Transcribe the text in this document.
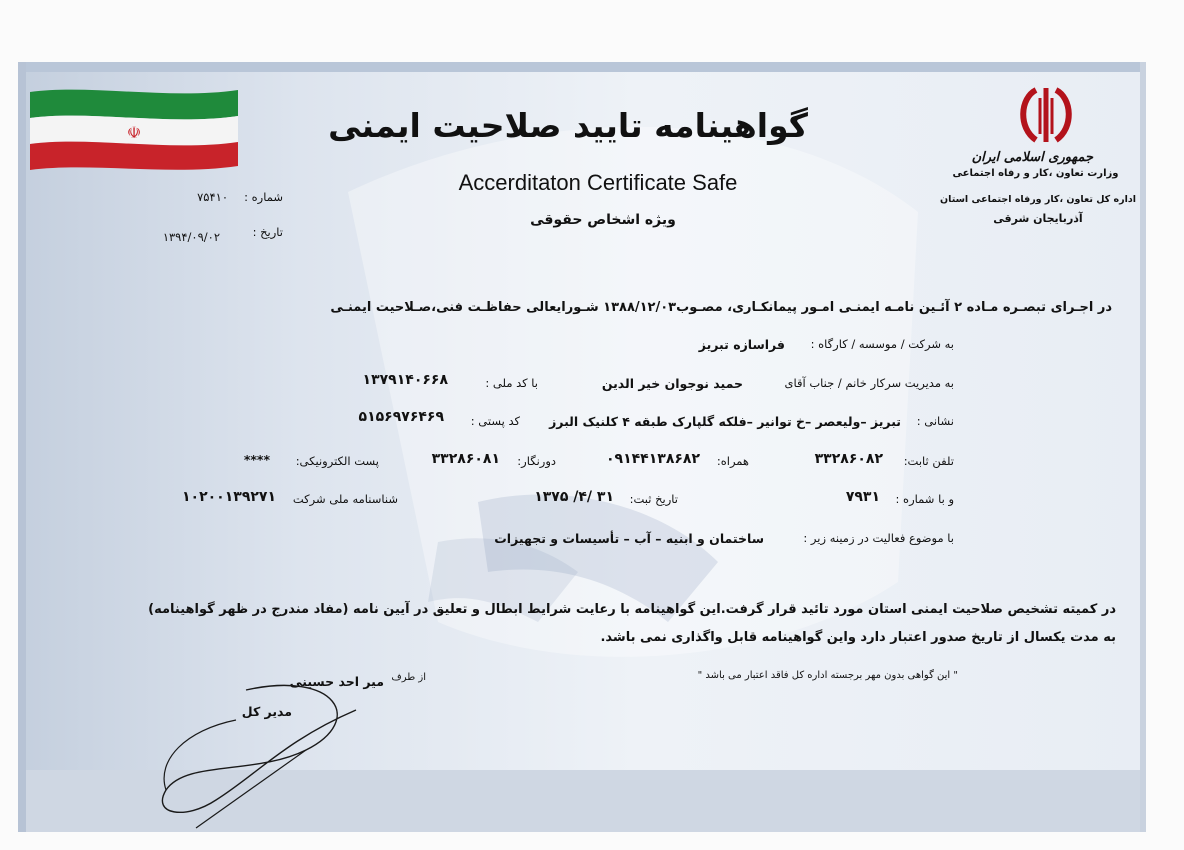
☫
جمهوری اسلامی ایران
وزارت تعاون ،کار و رفاه اجتماعی
اداره کل تعاون ،کار ورفاه اجتماعی استان
آذربایجان شرقی
گواهینامه تایید صلاحیت ایمنی
Accerditaton Certificate Safe
ویژه اشخاص حقوقی
شماره :
۷۵۴۱۰
تاریخ :
۱۳۹۴/۰۹/۰۲
در اجـرای تبصـره مـاده ۲ آئـین نامـه ایمنـی امـور پیمانکـاری، مصـوب۱۳۸۸/۱۲/۰۳ شـورایعالی حفاظـت فنی،صـلاحیت ایمنـی
به شرکت / موسسه / کارگاه :
فراسازه تبریز
به مدیریت سرکار خانم / جناب آقای
حمید نوجوان خیر الدین
با کد ملی :
۱۳۷۹۱۴۰۶۶۸
نشانی :
تبریز –ولیعصر –خ توانیر –فلکه گلپارک طبقه ۴ کلنیک البرز
کد پستی :
۵۱۵۶۹۷۶۴۶۹
تلفن ثابت:
۳۳۲۸۶۰۸۲
همراه:
۰۹۱۴۴۱۳۸۶۸۲
دورنگار:
۳۳۲۸۶۰۸۱
پست الکترونیکی:
****
و با شماره :
۷۹۳۱
تاریخ ثبت:
۱۳۷۵ /۴/ ۳۱
شناسنامه ملی شرکت
۱۰۲۰۰۱۳۹۲۷۱
با موضوع فعالیت در زمینه زیر :
ساختمان و ابنیه – آب – تأسیسات و تجهیزات
در کمیته تشخیص صلاحیت ایمنی استان مورد تائید قرار گرفت.این گواهینامه با رعایت شرایط ابطال و تعلیق در آیین نامه (مفاد مندرج در ظهر گواهینامه)
به مدت یکسال از تاریخ صدور اعتبار دارد واین گواهینامه قابل واگذاری نمی باشد.
" این گواهی بدون مهر برجسته اداره کل فاقد اعتبار می باشد "
از طرف
میر احد حسینی
مدیر کل
